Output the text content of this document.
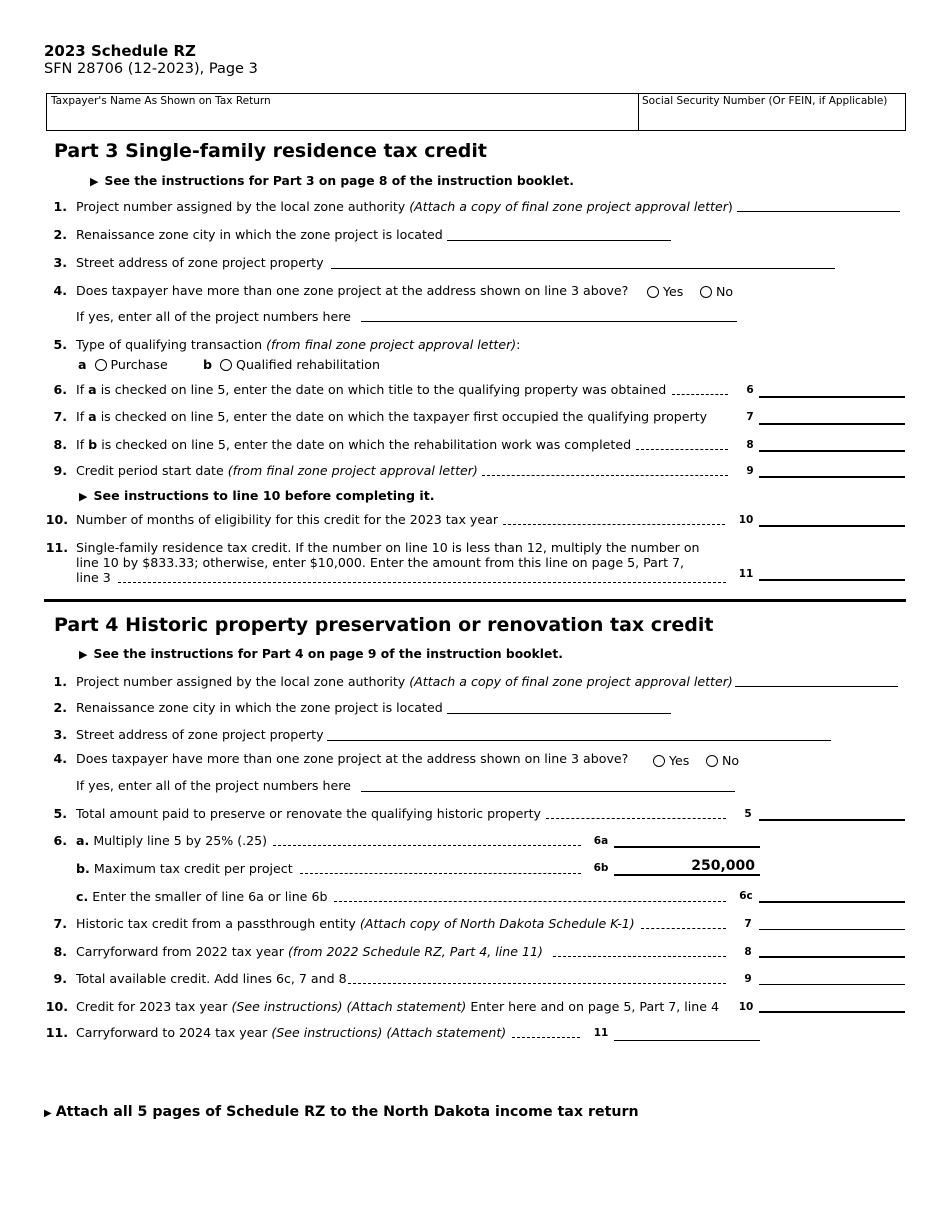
2023 Schedule RZ
SFN 28706 (12-2023), Page 3
Taxpayer's Name As Shown on Tax Return	Social Security Number (Or FEIN, if Applicable)
Part 3 Single-family residence tax credit
▶ See the instructions for Part 3 on page 8 of the instruction booklet.
1. Project number assigned by the local zone authority (Attach a copy of final zone project approval letter)
2. Renaissance zone city in which the zone project is located
3. Street address of zone project property
4. Does taxpayer have more than one zone project at the address shown on line 3 above?	Yes	No
If yes, enter all of the project numbers here
5. Type of qualifying transaction (from final zone project approval letter):
a Purchase	b Qualified rehabilitation
6. If a is checked on line 5, enter the date on which title to the qualifying property was obtained	6
7. If a is checked on line 5, enter the date on which the taxpayer first occupied the qualifying property	7
8. If b is checked on line 5, enter the date on which the rehabilitation work was completed	8
9. Credit period start date (from final zone project approval letter)	9
▶ See instructions to line 10 before completing it.
10. Number of months of eligibility for this credit for the 2023 tax year	10
11. Single-family residence tax credit. If the number on line 10 is less than 12, multiply the number on
line 10 by $833.33; otherwise, enter $10,000. Enter the amount from this line on page 5, Part 7,
line 3	11
Part 4 Historic property preservation or renovation tax credit
▶ See the instructions for Part 4 on page 9 of the instruction booklet.
1. Project number assigned by the local zone authority (Attach a copy of final zone project approval letter)
2. Renaissance zone city in which the zone project is located
3. Street address of zone project property
4. Does taxpayer have more than one zone project at the address shown on line 3 above?	Yes	No
If yes, enter all of the project numbers here
5. Total amount paid to preserve or renovate the qualifying historic property	5
6. a. Multiply line 5 by 25% (.25)	6a
b. Maximum tax credit per project	6b	250,000
c. Enter the smaller of line 6a or line 6b	6c
7. Historic tax credit from a passthrough entity (Attach copy of North Dakota Schedule K-1)	7
8. Carryforward from 2022 tax year (from 2022 Schedule RZ, Part 4, line 11)	8
9. Total available credit. Add lines 6c, 7 and 8	9
10. Credit for 2023 tax year (See instructions) (Attach statement) Enter here and on page 5, Part 7, line 4	10
11. Carryforward to 2024 tax year (See instructions) (Attach statement)	11
▶ Attach all 5 pages of Schedule RZ to the North Dakota income tax return
